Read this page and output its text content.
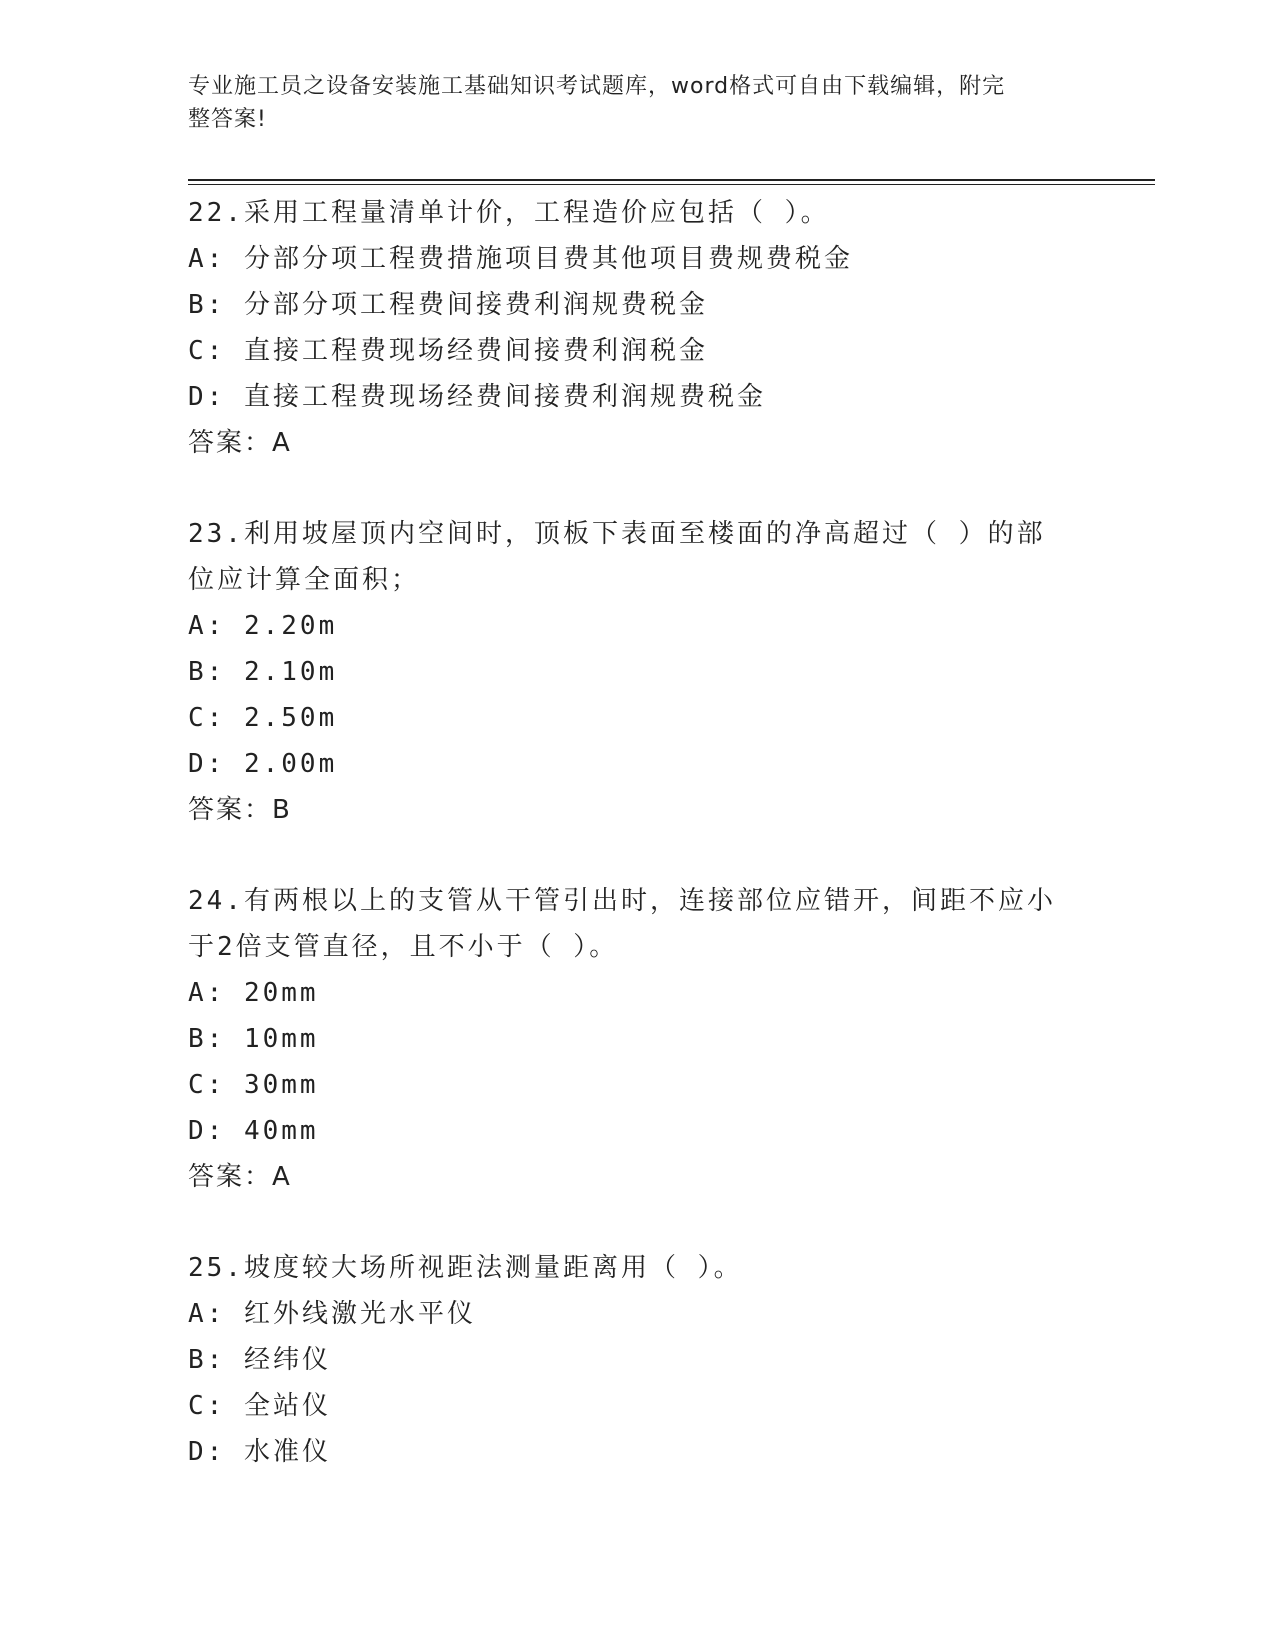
专业施工员之设备安装施工基础知识考试题库，word格式可自由下载编辑，附完
整答案!
22.采用工程量清单计价，工程造价应包括（ ）。
A: 分部分项工程费措施项目费其他项目费规费税金
B: 分部分项工程费间接费利润规费税金
C: 直接工程费现场经费间接费利润税金
D: 直接工程费现场经费间接费利润规费税金
答案：A
23.利用坡屋顶内空间时，顶板下表面至楼面的净高超过（ ）的部位应计算全面积；
A: 2.20m
B: 2.10m
C: 2.50m
D: 2.00m
答案：B
24.有两根以上的支管从干管引出时，连接部位应错开，间距不应小于2倍支管直径，且不小于（ ）。
A: 20mm
B: 10mm
C: 30mm
D: 40mm
答案：A
25.坡度较大场所视距法测量距离用（ ）。
A: 红外线激光水平仪
B: 经纬仪
C: 全站仪
D: 水准仪
